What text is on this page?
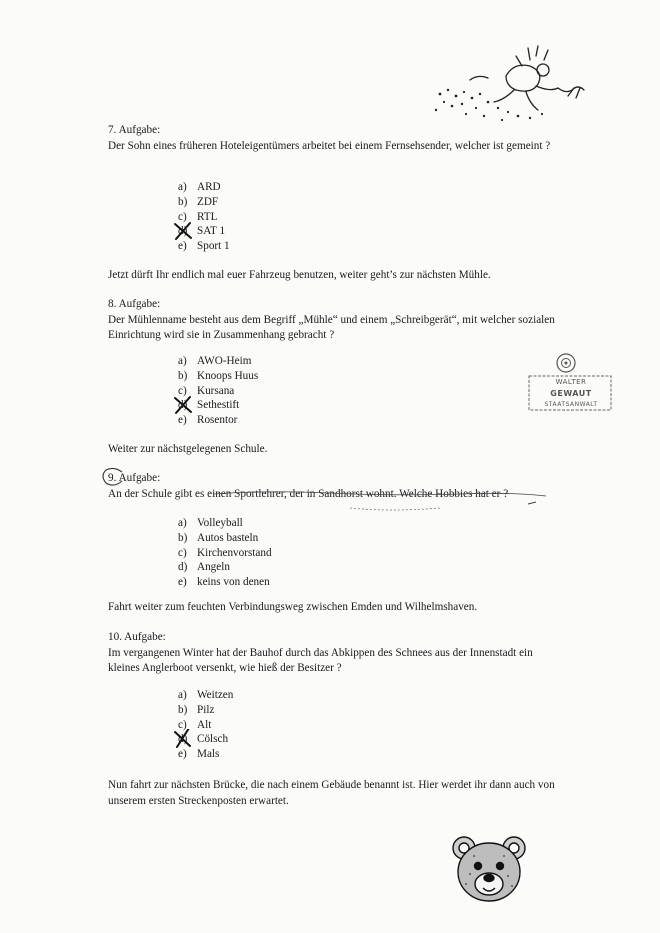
7. Aufgabe:
Der Sohn eines früheren Hoteleigentümers arbeitet bei einem Fernsehsender, welcher ist gemeint ?
a) ARD
b) ZDF
c) RTL
d) SAT 1
e) Sport 1
Jetzt dürft Ihr endlich mal euer Fahrzeug benutzen, weiter geht’s zur nächsten Mühle.
8. Aufgabe:
Der Mühlenname besteht aus dem Begriff „Mühle“ und einem „Schreibgerät“, mit welcher sozialen Einrichtung wird sie in Zusammenhang gebracht ?
a) AWO-Heim
b) Knoops Huus
c) Kursana
d) Sethestift
e) Rosentor
WALTER
GEWAUT
STAATSANWALT
Weiter zur nächstgelegenen Schule.
9. Aufgabe:
An der Schule gibt es einen Sportlehrer, der in Sandhorst wohnt. Welche Hobbies hat er ?
a) Volleyball
b) Autos basteln
c) Kirchenvorstand
d) Angeln
e) keins von denen
Fahrt weiter zum feuchten Verbindungsweg zwischen Emden und Wilhelmshaven.
10. Aufgabe:
Im vergangenen Winter hat der Bauhof durch das Abkippen des Schnees aus der Innenstadt ein kleines Anglerboot versenkt, wie hieß der Besitzer ?
a) Weitzen
b) Pilz
c) Alt
d) Cölsch
e) Mals
Nun fahrt zur nächsten Brücke, die nach einem Gebäude benannt ist. Hier werdet ihr dann auch von unserem ersten Streckenposten erwartet.
